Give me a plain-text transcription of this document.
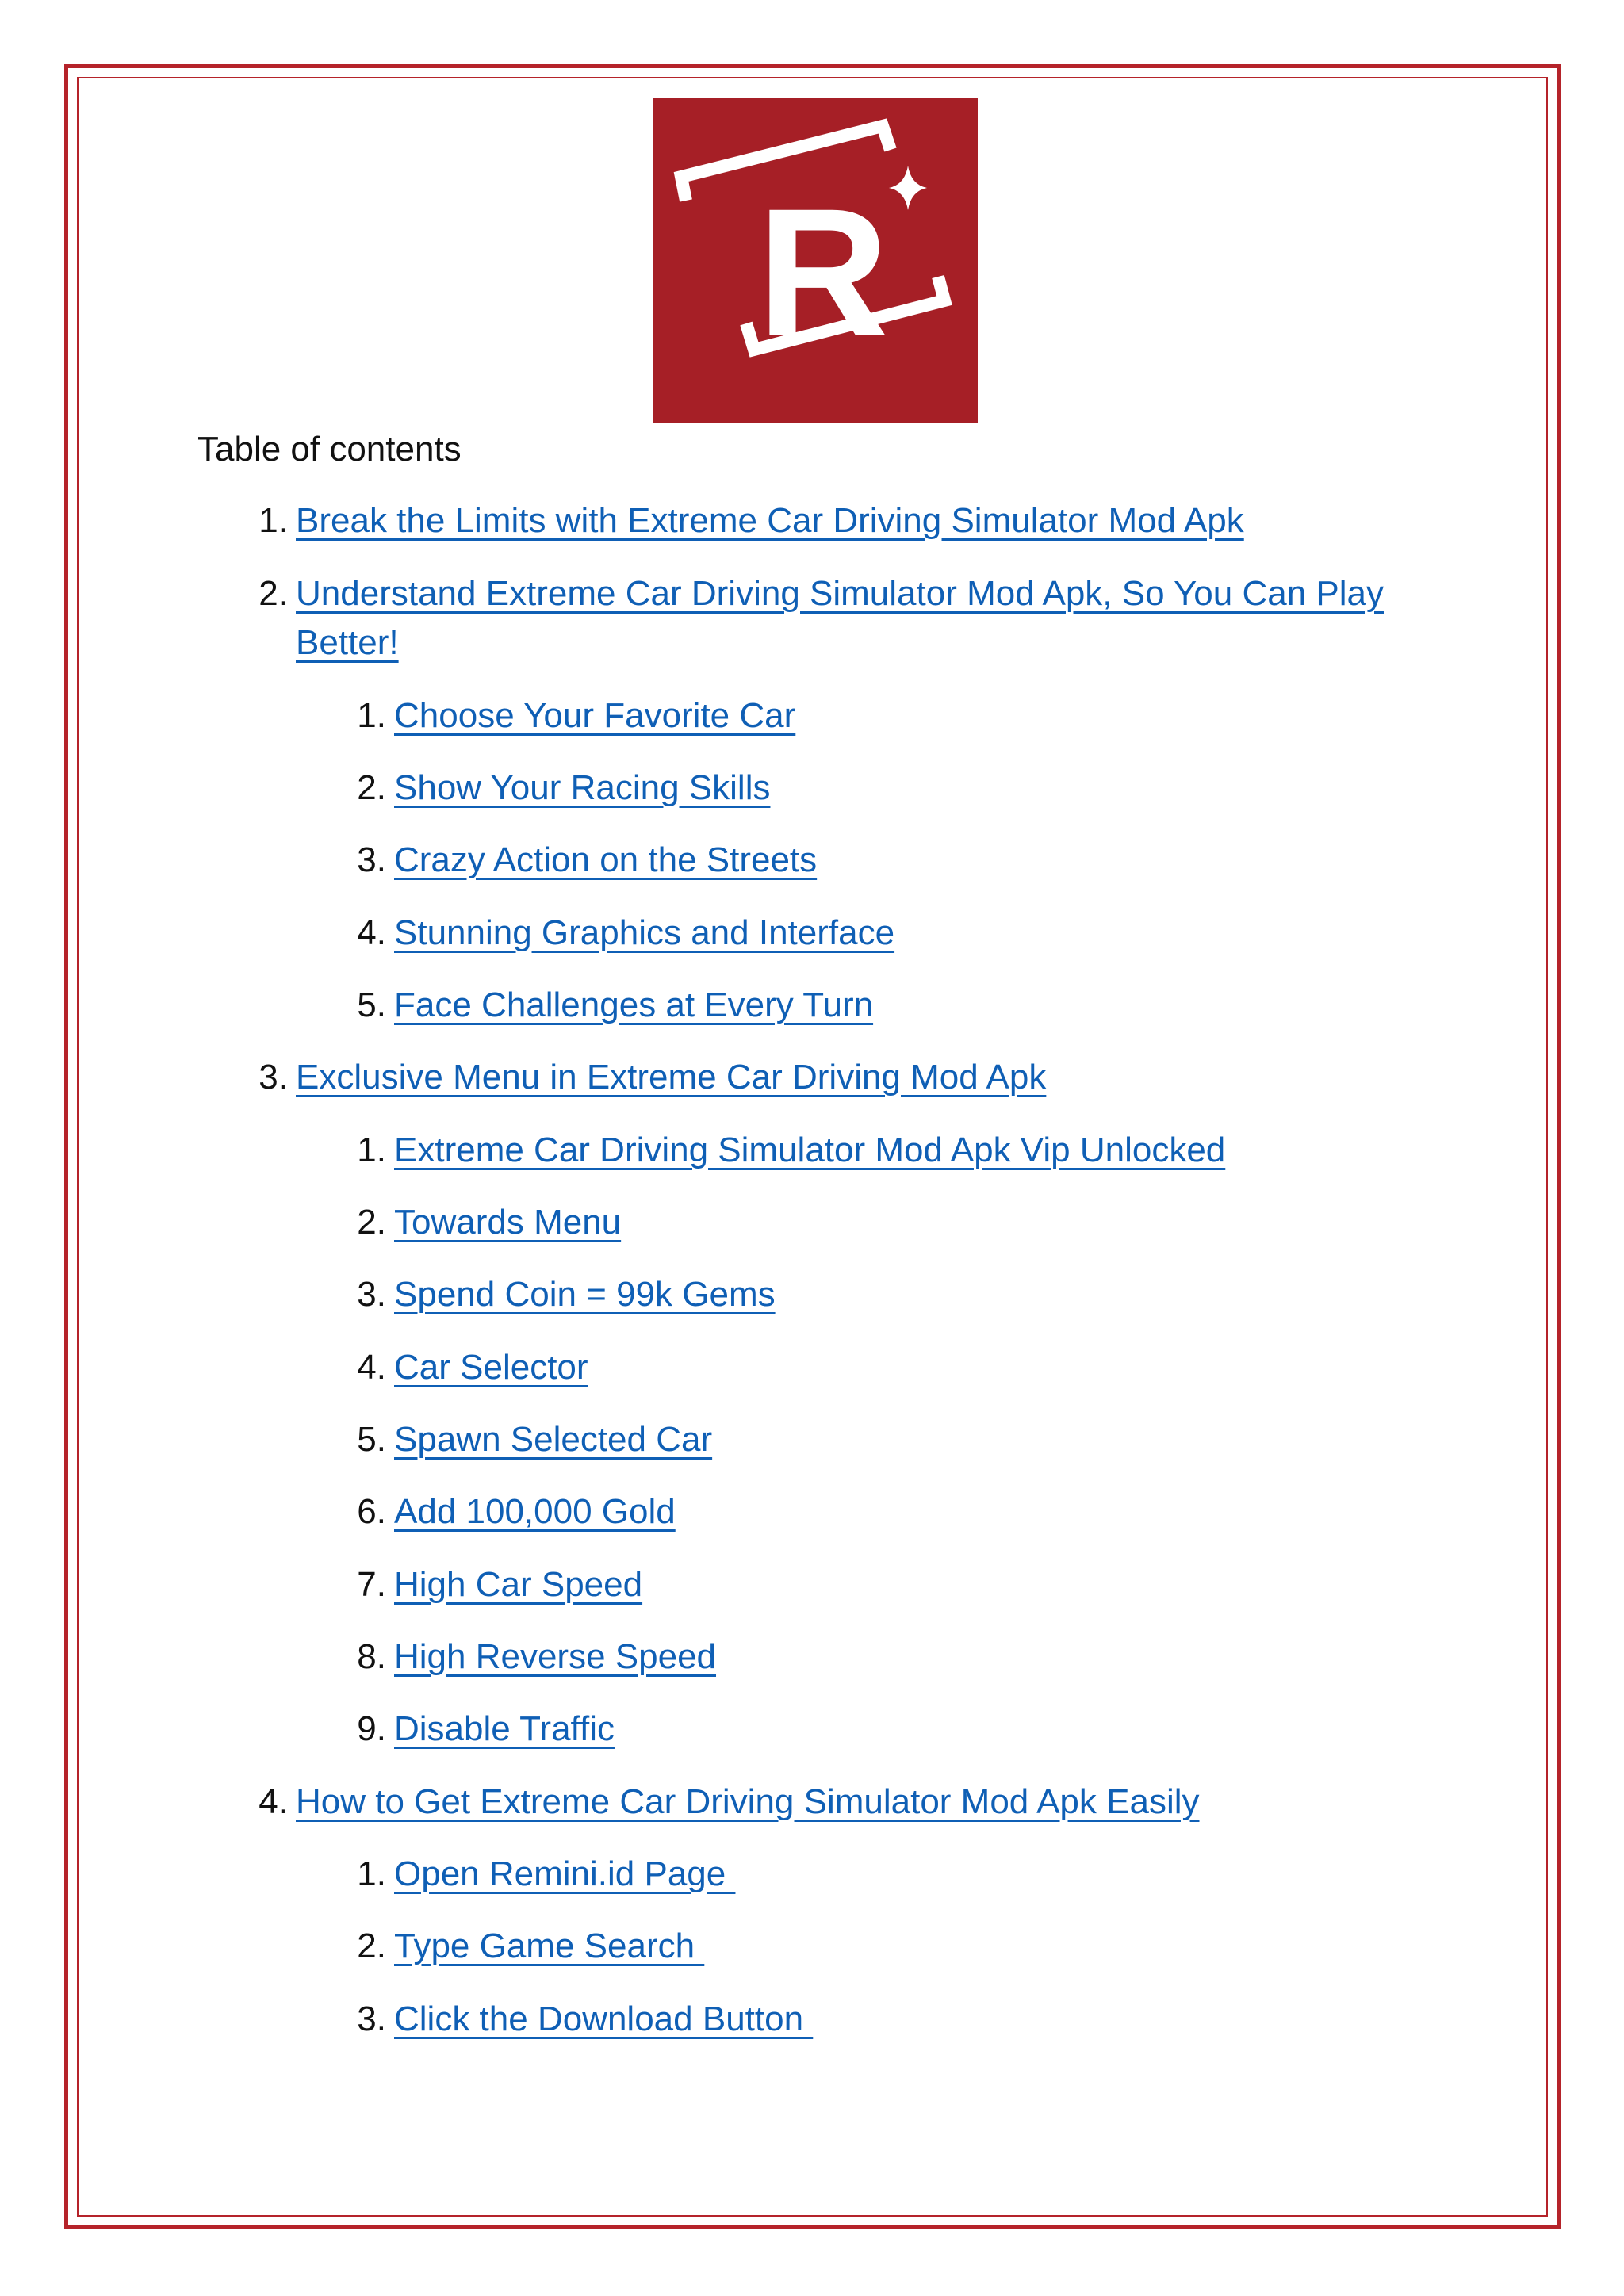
R
Table of contents
1. Break the Limits with Extreme Car Driving Simulator Mod Apk
2. Understand Extreme Car Driving Simulator Mod Apk, So You Can Play Better!
1. Choose Your Favorite Car
2. Show Your Racing Skills
3. Crazy Action on the Streets
4. Stunning Graphics and Interface
5. Face Challenges at Every Turn
3. Exclusive Menu in Extreme Car Driving Mod Apk
1. Extreme Car Driving Simulator Mod Apk Vip Unlocked
2. Towards Menu
3. Spend Coin = 99k Gems
4. Car Selector
5. Spawn Selected Car
6. Add 100,000 Gold
7. High Car Speed
8. High Reverse Speed
9. Disable Traffic
4. How to Get Extreme Car Driving Simulator Mod Apk Easily
1. Open Remini.id Page
2. Type Game Search
3. Click the Download Button
